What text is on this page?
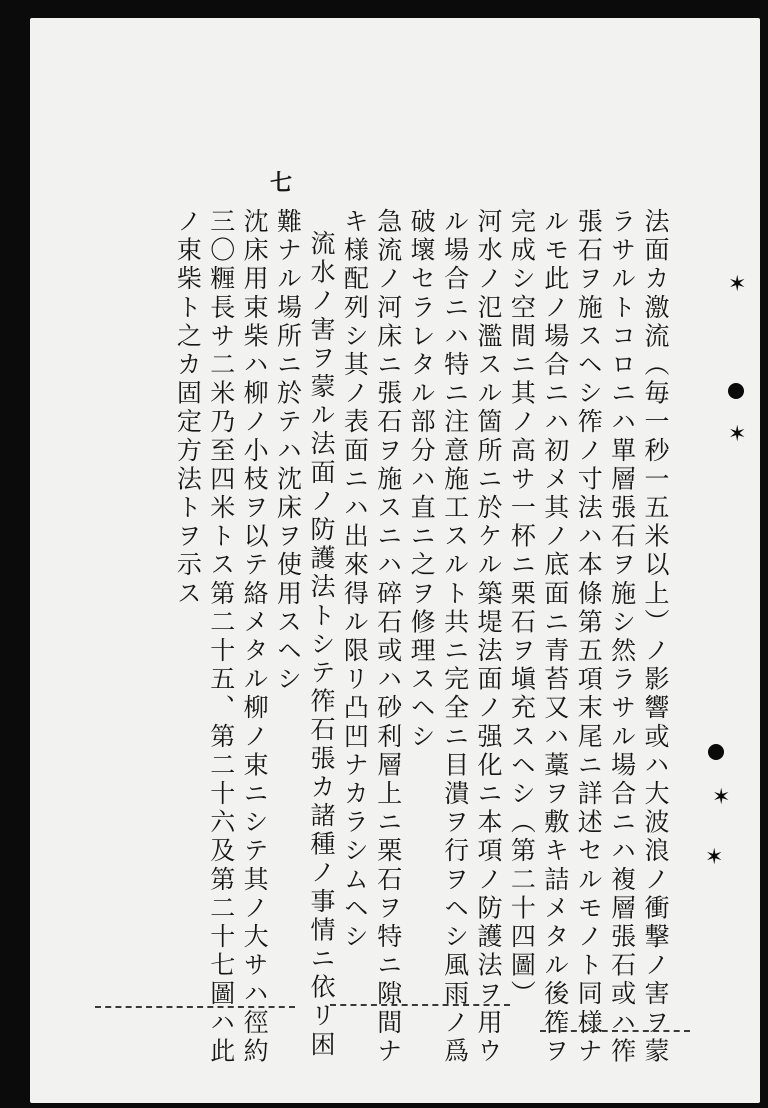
七
法面カ激流（毎一秒一五米以上）ノ影響或ハ大波浪ノ衝撃ノ害ヲ蒙
ラサルトコロニハ單層張石ヲ施シ然ラサル場合ニハ複層張石或ハ筰
張石ヲ施スヘシ筰ノ寸法ハ本條第五項末尾ニ詳述セルモノト同様ナ
ルモ此ノ場合ニハ初メ其ノ底面ニ青苔又ハ藁ヲ敷キ詰メタル後筰ヲ
完成シ空間ニ其ノ高サ一杯ニ栗石ヲ塡充スヘシ（第二十四圖）
河水ノ氾濫スル箇所ニ於ケル築堤法面ノ强化ニ本項ノ防護法ヲ用ウ
ル場合ニハ特ニ注意施工スルト共ニ完全ニ目潰ヲ行ヲヘシ風雨ノ爲
破壞セラレタル部分ハ直ニ之ヲ修理スヘシ
急流ノ河床ニ張石ヲ施スニハ碎石或ハ砂利層上ニ栗石ヲ特ニ隙間ナ
キ様配列シ其ノ表面ニハ出來得ル限リ凸凹ナカラシムヘシ
流水ノ害ヲ蒙ル法面ノ防護法トシテ筰石張カ諸種ノ事情ニ依リ困
難ナル場所ニ於テハ沈床ヲ使用スヘシ
沈床用束柴ハ柳ノ小枝ヲ以テ絡メタル柳ノ束ニシテ其ノ大サハ徑約
三〇糎長サ二米乃至四米トス第二十五、第二十六及第二十七圖ハ此
ノ束柴ト之カ固定方法トヲ示ス	✶
✶
✶
✶
